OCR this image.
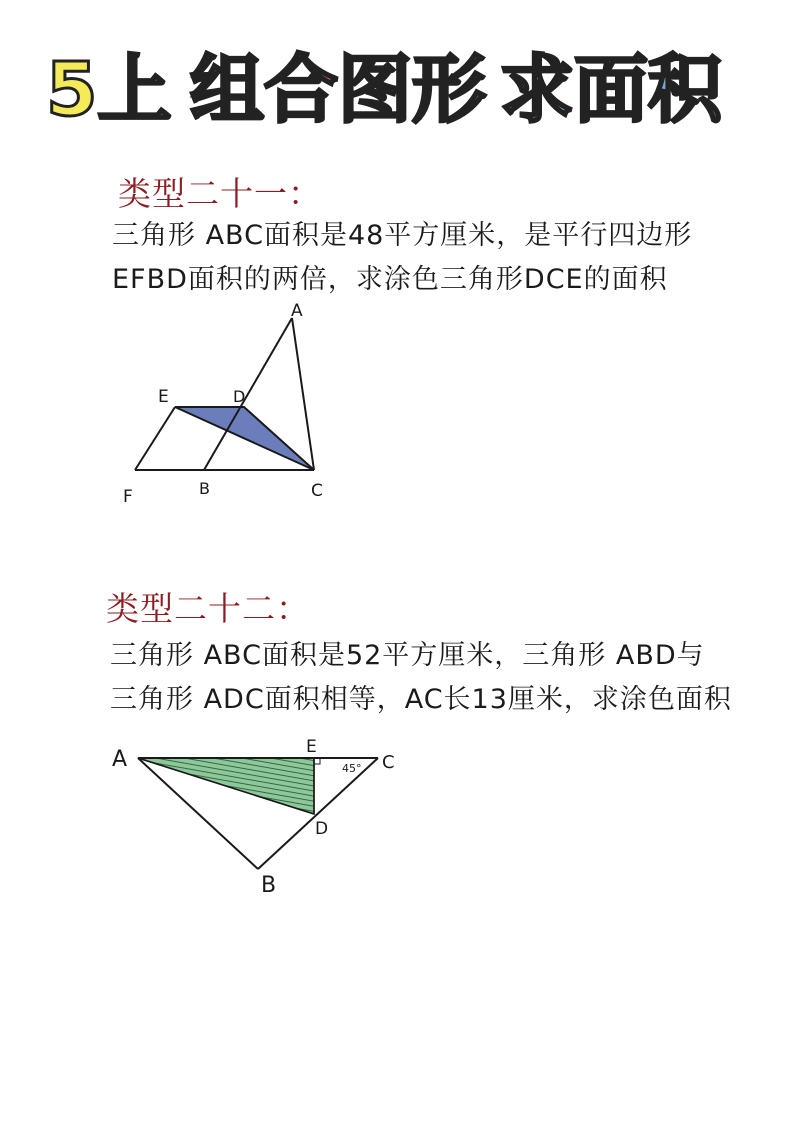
5上 组合图形 求面积
类型二十一：
三角形 ABC面积是48平方厘米，是平行四边形
EFBD面积的两倍，求涂色三角形DCE的面积
A
E	D
F	B	C
类型二十二：
三角形 ABC面积是52平方厘米，三角形 ABD与
三角形 ADC面积相等，AC长13厘米，求涂色面积
45°
A	E
C
D
B
